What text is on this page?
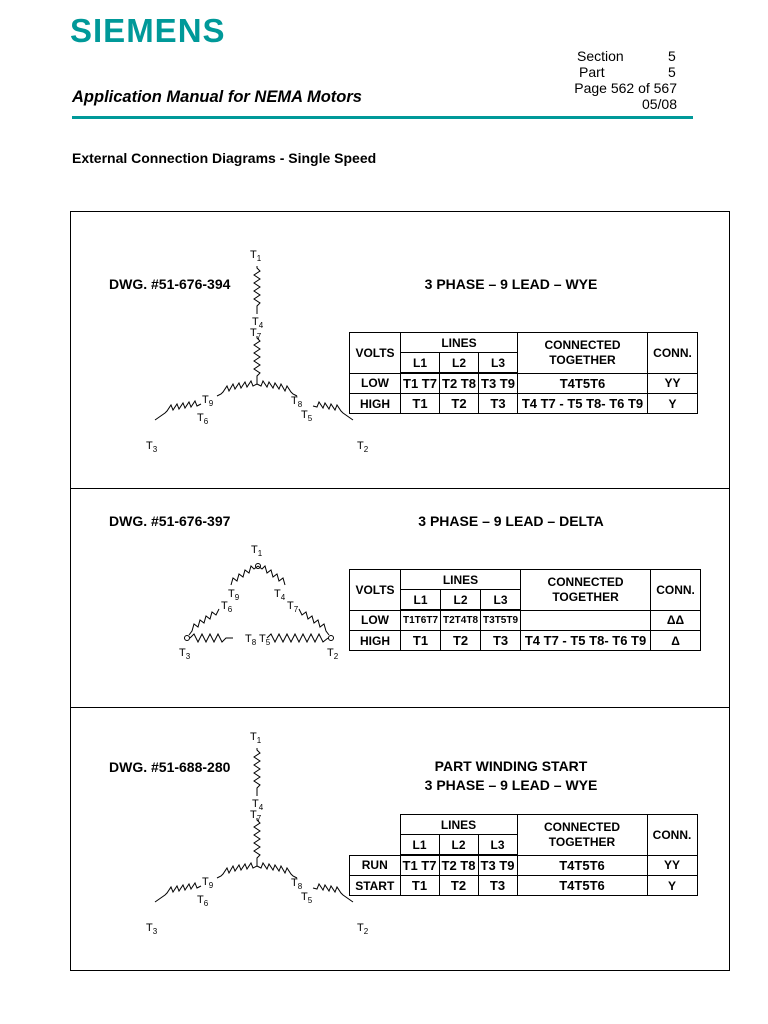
SIEMENS
Section
Part
5
5
Page 562 of 567
05/08
Application Manual for NEMA Motors
External Connection Diagrams - Single Speed
DWG. #51-676-394	3 PHASE – 9 LEAD – WYE
$T_1$
$T_4$
$T_7$
$T_9$
$T_6$
$T_3$
$T_8$
$T_5$
$T_2$
VOLTS	LINES			CONNECTED TOGETHER	CONN.
	L1	L2	L3		
LOW	T1 T7	T2 T8	T3 T9	T4T5T6	YY
HIGH	T1	T2	T3	T4 T7 - T5 T8- T6 T9	Y
DWG. #51-676-397	3 PHASE – 9 LEAD – DELTA
$T_1$
$T_9$
$T_6$
$T_4$
$T_7$
$T_3$
$T_8$ $T_5$
$T_2$
VOLTS	LINES			CONNECTED TOGETHER	CONN.
	L1	L2	L3		
LOW	T1T6T7	T2T4T8	T3T5T9		ΔΔ
HIGH	T1	T2	T3	T4 T7 - T5 T8- T6 T9	Δ
DWG. #51-688-280	PART WINDING START
3 PHASE – 9 LEAD – WYE
$T_1$
$T_4$
$T_7$
$T_9$
$T_6$
$T_3$
$T_8$
$T_5$
$T_2$
	LINES			CONNECTED TOGETHER	CONN.
	L1	L2	L3		
RUN	T1 T7	T2 T8	T3 T9	T4T5T6	YY
START	T1	T2	T3	T4T5T6	Y
